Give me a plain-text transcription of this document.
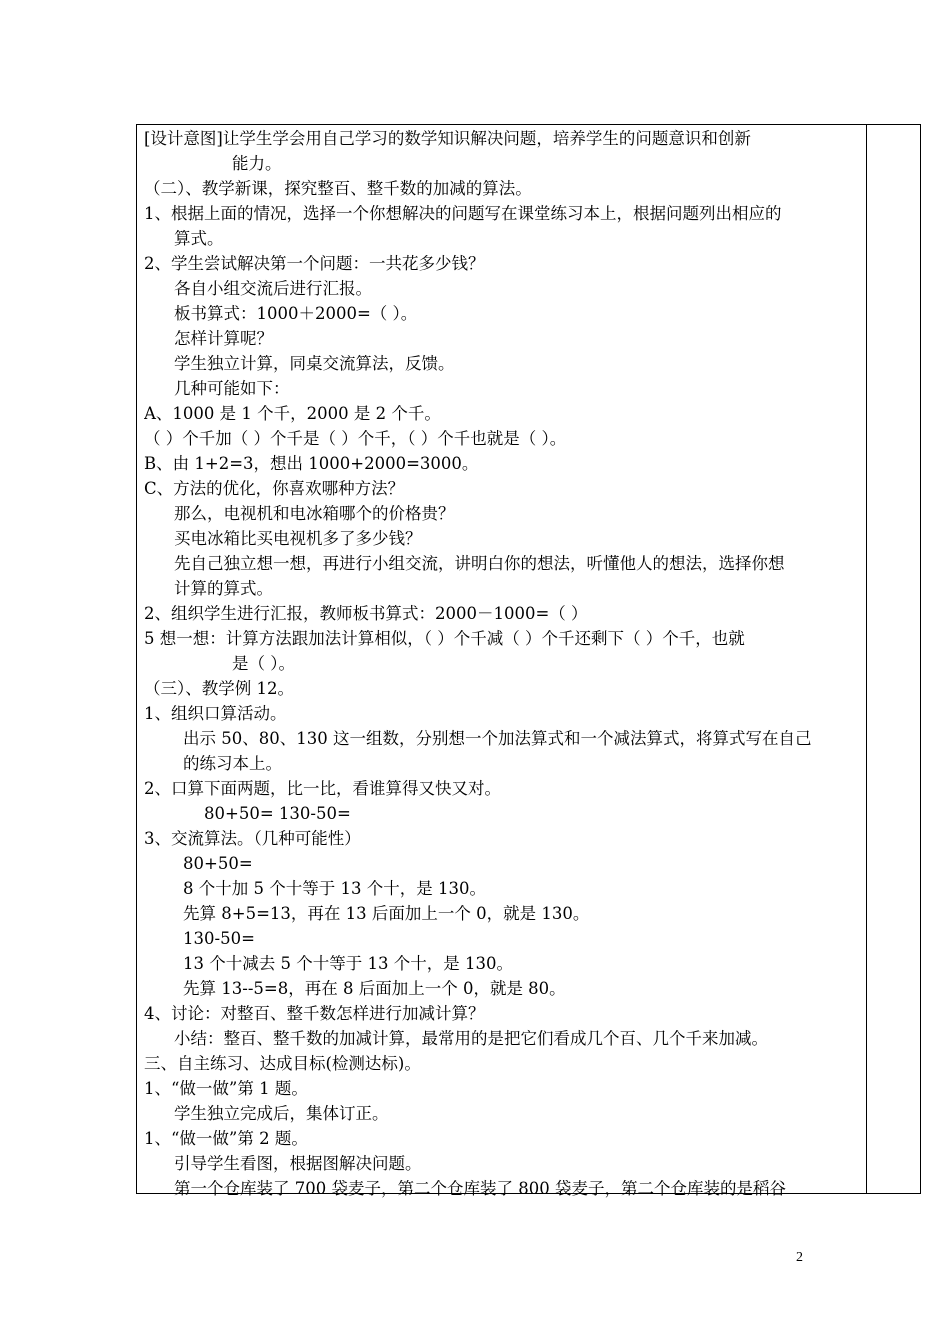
[设计意图]让学生学会用自己学习的数学知识解决问题，培养学生的问题意识和创新
能力。
（二）、教学新课，探究整百、整千数的加减的算法。
1、根据上面的情况，选择一个你想解决的问题写在课堂练习本上，根据问题列出相应的
算式。
2、学生尝试解决第一个问题：一共花多少钱？
各自小组交流后进行汇报。
板书算式：1000＋2000=（ ）。
怎样计算呢？
学生独立计算，同桌交流算法，反馈。
几种可能如下：
A、1000 是 1 个千，2000 是 2 个千。
（ ）个千加（ ）个千是（ ）个千，（ ）个千也就是（ ）。
B、由 1+2=3，想出 1000+2000=3000。
C、方法的优化，你喜欢哪种方法？
那么，电视机和电冰箱哪个的价格贵？
买电冰箱比买电视机多了多少钱？
先自己独立想一想，再进行小组交流，讲明白你的想法，听懂他人的想法，选择你想
计算的算式。
2、组织学生进行汇报，教师板书算式：2000－1000=（ ）
5 想一想：计算方法跟加法计算相似，（ ）个千减（ ）个千还剩下（ ）个千，也就
是（ ）。
（三）、教学例 12。
1、组织口算活动。
出示 50、80、130 这一组数，分别想一个加法算式和一个减法算式，将算式写在自己
的练习本上。
2、口算下面两题，比一比，看谁算得又快又对。
80+50= 130-50=
3、交流算法。（几种可能性）
80+50=
8 个十加 5 个十等于 13 个十，是 130。
先算 8+5=13，再在 13 后面加上一个 0，就是 130。
130-50=
13 个十减去 5 个十等于 13 个十，是 130。
先算 13--5=8，再在 8 后面加上一个 0，就是 80。
4、讨论：对整百、整千数怎样进行加减计算？
小结：整百、整千数的加减计算，最常用的是把它们看成几个百、几个千来加减。
三、自主练习、达成目标(检测达标)。
1、“做一做”第 1 题。
学生独立完成后，集体订正。
1、“做一做”第 2 题。
引导学生看图，根据图解决问题。
第一个仓库装了 700 袋麦子，第二个仓库装了 800 袋麦子，第二个仓库装的是稻谷
2
